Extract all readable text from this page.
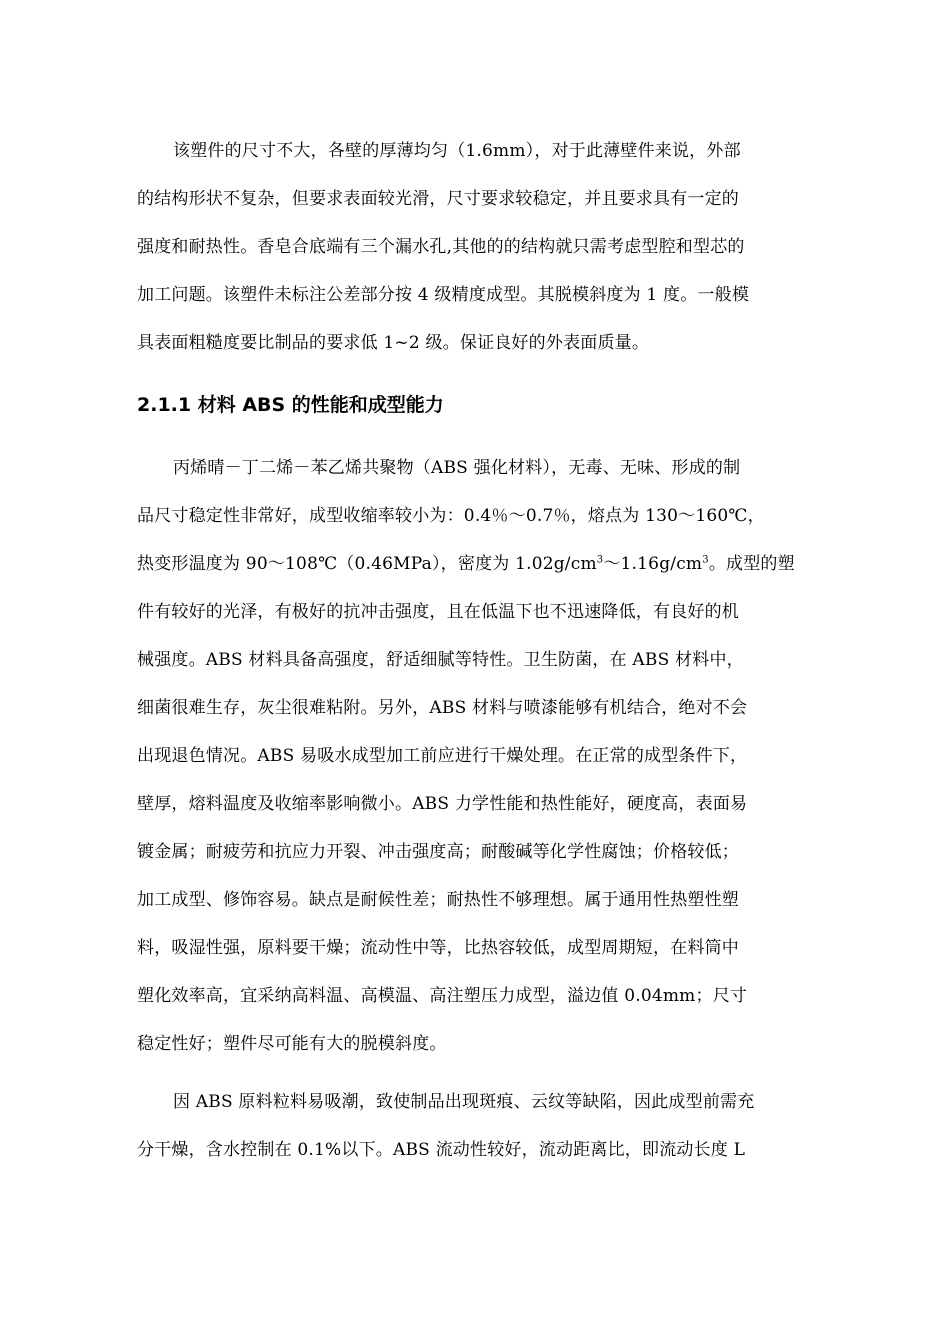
该塑件的尺寸不大，各壁的厚薄均匀（1.6mm），对于此薄壁件来说，外部
的结构形状不复杂，但要求表面较光滑，尺寸要求较稳定，并且要求具有一定的
强度和耐热性。香皂合底端有三个漏水孔,其他的的结构就只需考虑型腔和型芯的
加工问题。该塑件未标注公差部分按 4 级精度成型。其脱模斜度为 1 度。一般模
具表面粗糙度要比制品的要求低 1~2 级。保证良好的外表面质量。
2.1.1 材料 ABS 的性能和成型能力
丙烯晴－丁二烯－苯乙烯共聚物（ABS 强化材料），无毒、无味、形成的制
品尺寸稳定性非常好，成型收缩率较小为：0.4％～0.7％，熔点为 130～160℃，
热变形温度为 90～108℃（0.46MPa），密度为 $1.02g/cm^3\sim 1.16g/cm^3$。成型的塑
件有较好的光泽，有极好的抗冲击强度，且在低温下也不迅速降低，有良好的机
械强度。ABS 材料具备高强度，舒适细腻等特性。卫生防菌，在 ABS 材料中，
细菌很难生存，灰尘很难粘附。另外，ABS 材料与喷漆能够有机结合，绝对不会
出现退色情况。ABS 易吸水成型加工前应进行干燥处理。在正常的成型条件下，
壁厚，熔料温度及收缩率影响微小。ABS 力学性能和热性能好，硬度高，表面易
镀金属；耐疲劳和抗应力开裂、冲击强度高；耐酸碱等化学性腐蚀；价格较低；
加工成型、修饰容易。缺点是耐候性差；耐热性不够理想。属于通用性热塑性塑
料，吸湿性强，原料要干燥；流动性中等，比热容较低，成型周期短，在料筒中
塑化效率高，宜采纳高料温、高模温、高注塑压力成型，溢边值 0.04mm；尺寸
稳定性好；塑件尽可能有大的脱模斜度。
因 ABS 原料粒料易吸潮，致使制品出现斑痕、云纹等缺陷，因此成型前需充
分干燥，含水控制在 0.1%以下。ABS 流动性较好，流动距离比，即流动长度 L
